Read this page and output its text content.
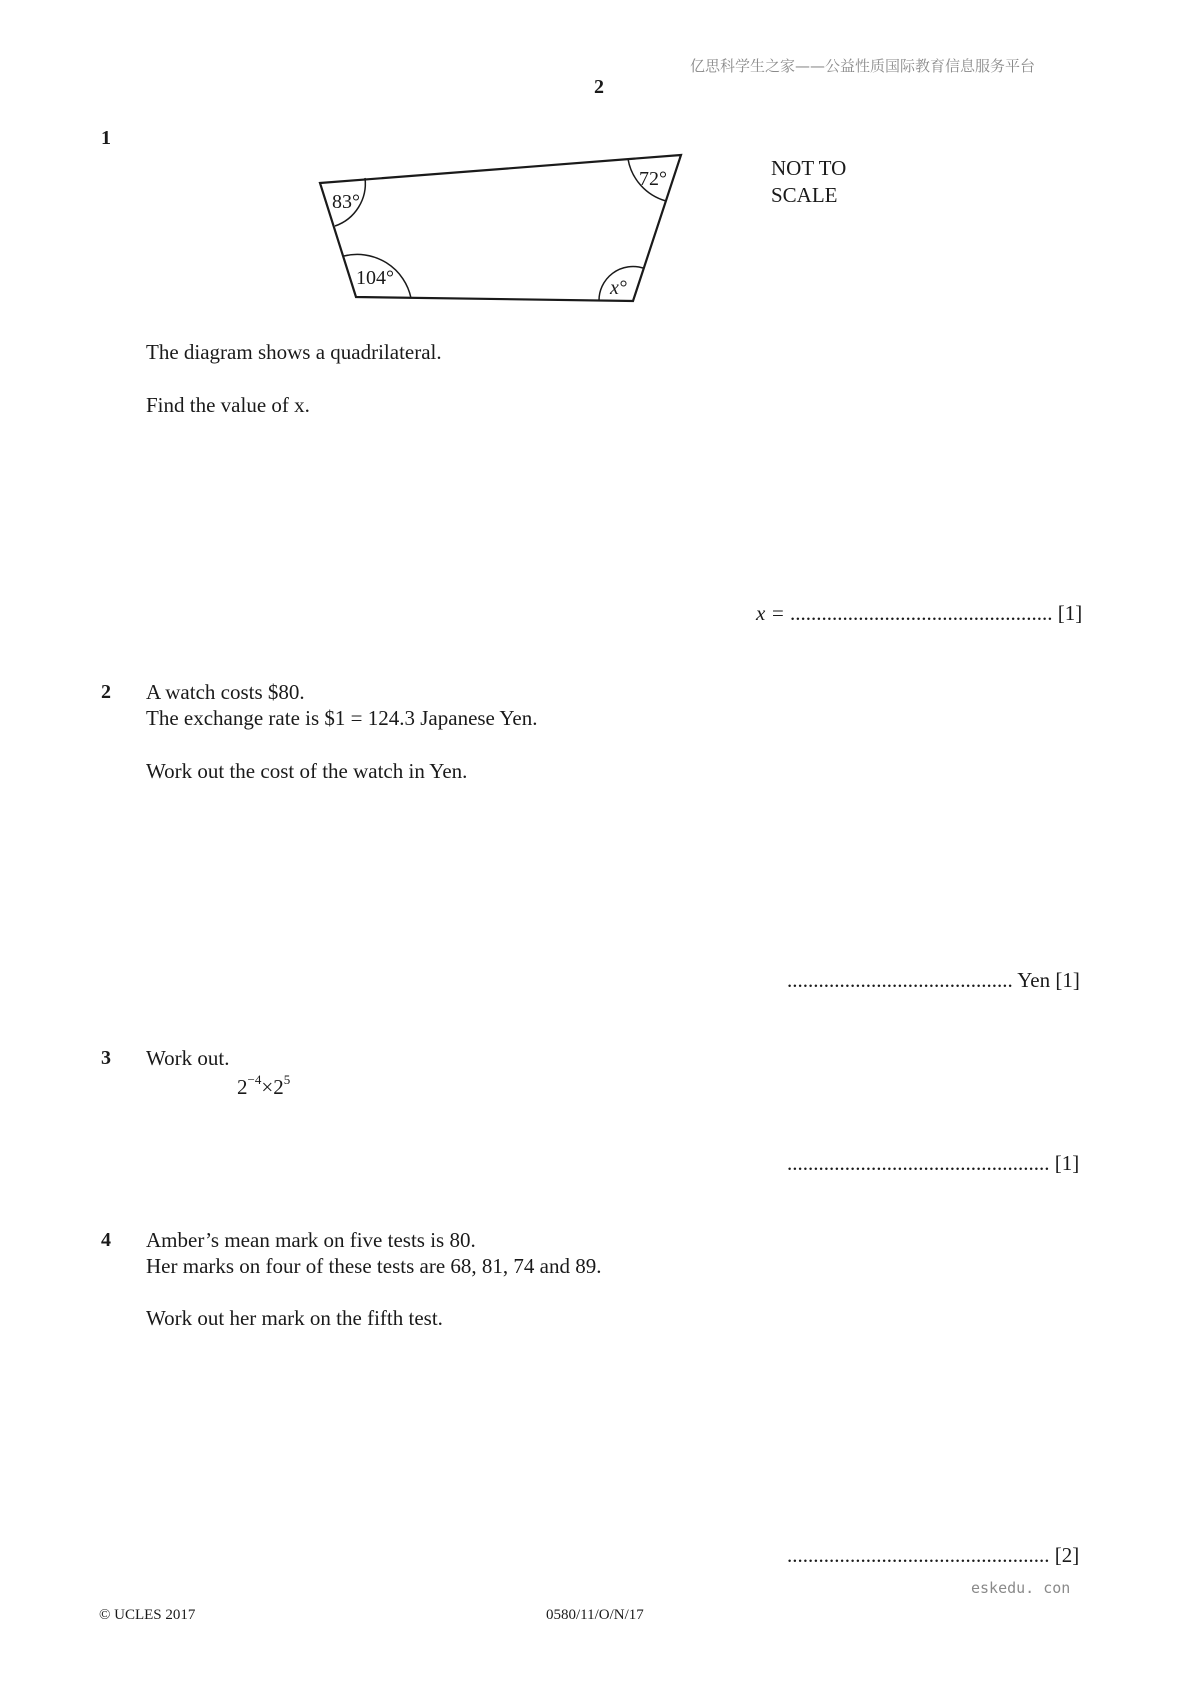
亿思科学生之家——公益性质国际教育信息服务平台
2
1
83°
72°
104°	x°
NOT TO
SCALE
The diagram shows a quadrilateral.
Find the value of x.
x = .................................................. [1]
2 A watch costs $80.
The exchange rate is $1 = 124.3 Japanese Yen.
Work out the cost of the watch in Yen.
........................................... Yen [1]
3 Work out.
$2^{-4}\times 2^5$
.................................................. [1]
4 Amber’s mean mark on five tests is 80.
Her marks on four of these tests are 68, 81, 74 and 89.
Work out her mark on the fifth test.
.................................................. [2]
eskedu. con
© UCLES 2017	0580/11/O/N/17
